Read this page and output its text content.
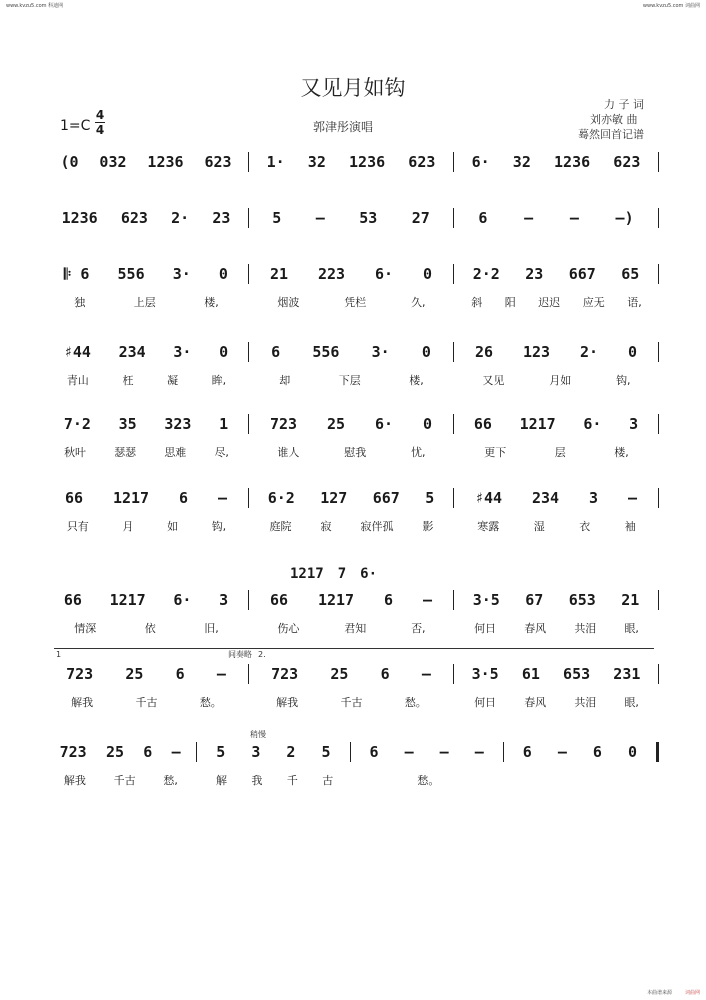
www.kvzu5.com 科迪网	www.kvzu5.com 词曲网
又见月如钩
力 子 词
刘亦敏 曲
蓦然回首记谱
郭津彤演唱
1=C
4
4
(0 032 1236 623 1· 32 1236 623 6· 32 1236 623
1236 623 2· 23	5 – 53 27	6 – – –)
𝄆 6 556 3· 0	21 223 6· 0	2·2 23 667 65
独	上层	楼,	烟波	凭栏	久,	斜 阳 迟迟 应无 语,
♯44 234 3· 0	6 556 3· 0	26 123 2· 0
青山	枉	凝	眸,	却	下层	楼,	又见	月如	钩,
7·2 35 323 1	723 25 6· 0	66 1217 6· 3
秋叶	瑟瑟	思难	尽,	谁人	慰我	忧,	更下	层	楼,
66 1217 6 –	6·2 127 667 5	♯44 234 3 –
只有	月	如	钩,	庭院	寂	寂伴孤	影	寒露	湿	衣	袖
66 1217 6· 3	66 1217 6 –	3·5 67 653 21
情深	依	旧,	伤心	君知	否,	何日	春风	共泪	眼,
723 25 6 –	723 25 6 –	3·5 61 653 231
解我	千古	愁。	解我	千古	愁。	何日	春风	共泪	眼,
723 25 6 – 5 3 2 5	6 – – –	6 – 6 0
解我	千古	愁,	解 我 千 古	愁。
本曲谱来源	词曲网
1217 7 6·
1	间奏略 2.
稍慢
